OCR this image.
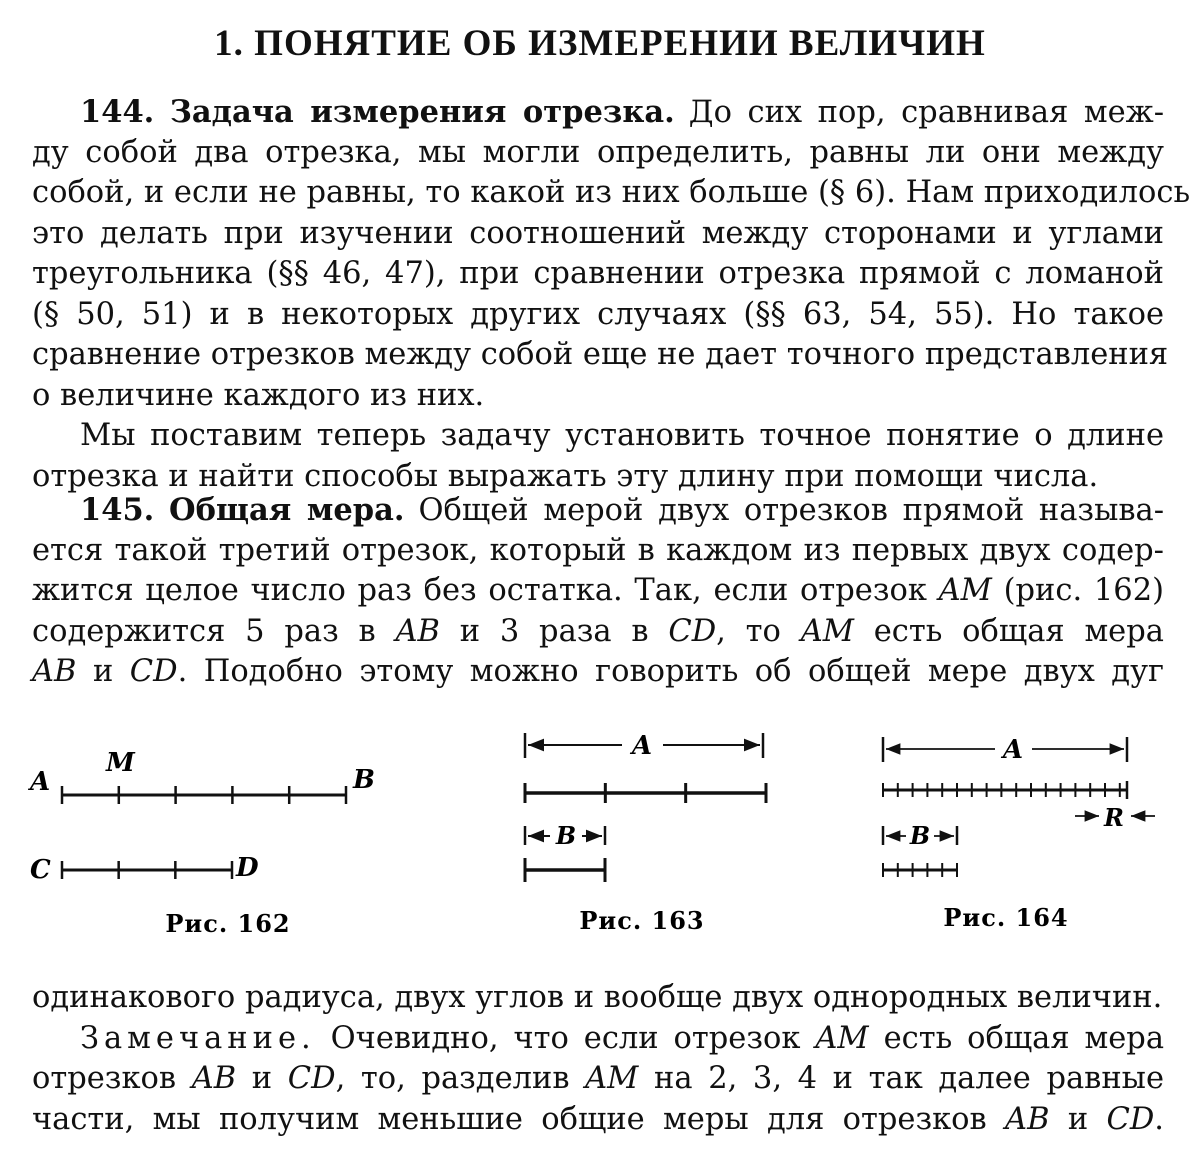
1. ПОНЯТИЕ ОБ ИЗМЕРЕНИИ ВЕЛИЧИН
144. Задача измерения отрезка. До сих пор, сравнивая меж-
ду собой два отрезка, мы могли определить, равны ли они между
собой, и если не равны, то какой из них больше (§ 6). Нам приходилось
это делать при изучении соотношений между сторонами и углами
треугольника (§§ 46, 47), при сравнении отрезка прямой с ломаной
(§ 50, 51) и в некоторых других случаях (§§ 63, 54, 55). Но такое
сравнение отрезков между собой еще не дает точного представления
о величине каждого из них.
Мы поставим теперь задачу установить точное понятие о длине
отрезка и найти способы выражать эту длину при помощи числа.
145. Общая мера. Общей мерой двух отрезков прямой называ-
ется такой третий отрезок, который в каждом из первых двух содер-
жится целое число раз без остатка. Так, если отрезок AM (рис. 162)
содержится 5 раз в AB и 3 раза в CD, то AM есть общая мера
AB и CD. Подобно этому можно говорить об общей мере двух дуг
A
M
B
C	D
Рис. 162
A
B
Рис. 163
A
R
B
Рис. 164
одинакового радиуса, двух углов и вообще двух однородных величин.
Замечание. Очевидно, что если отрезок AM есть общая мера
отрезков AB и CD, то, разделив AM на 2, 3, 4 и так далее равные
части, мы получим меньшие общие меры для отрезков AB и CD.
